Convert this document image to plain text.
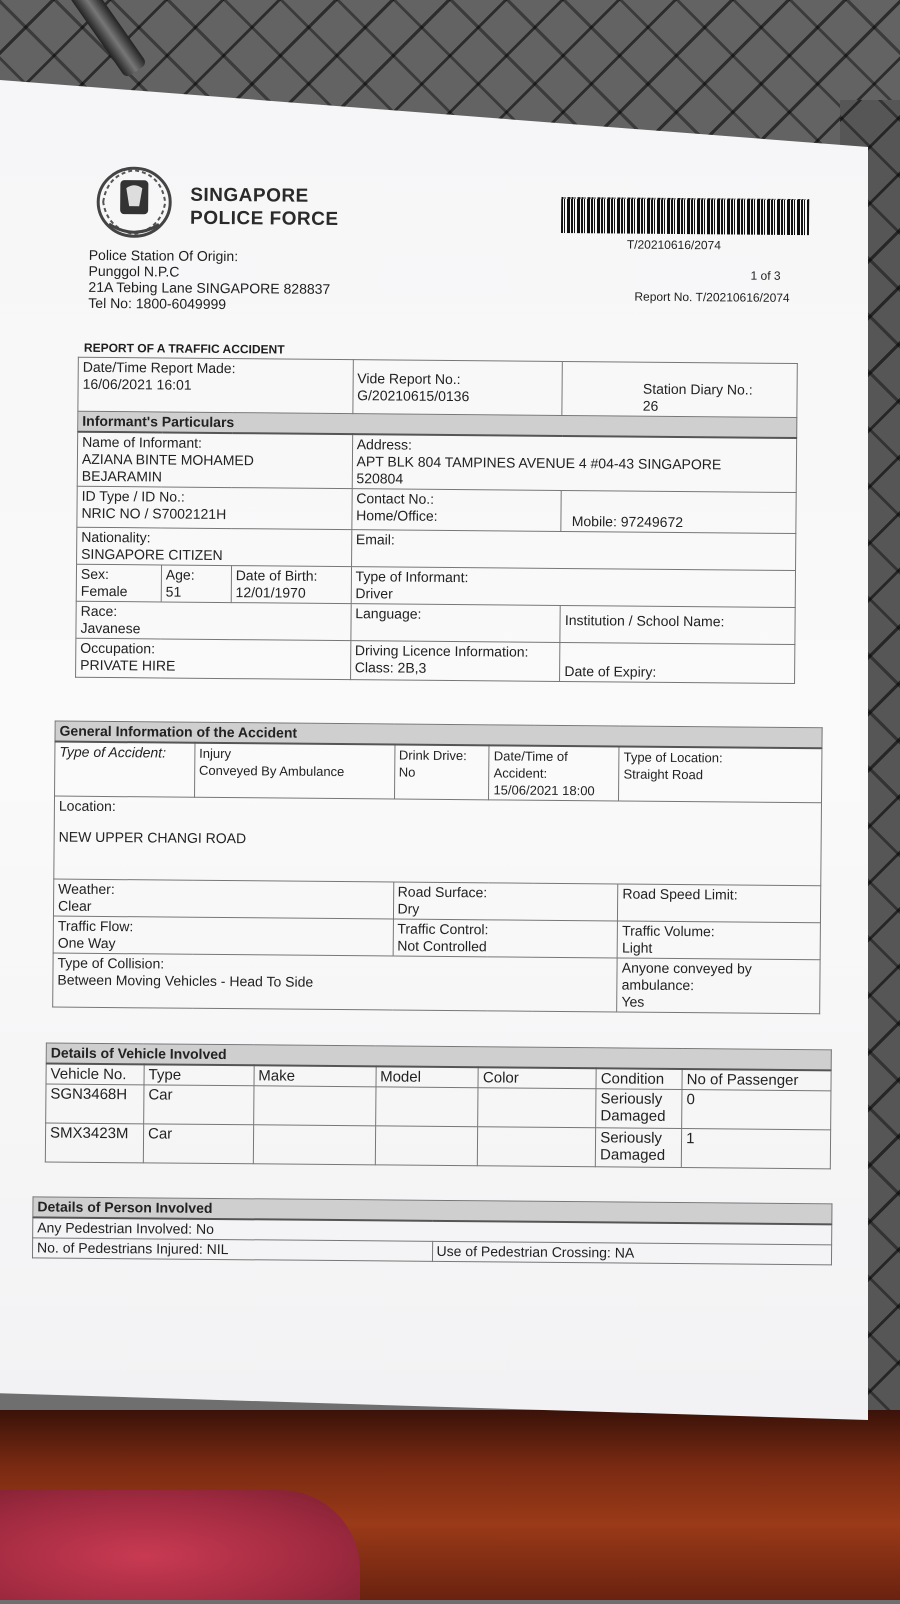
SINGAPORE
POLICE FORCE
T/20210616/2074
Police Station Of Origin:
Punggol N.P.C
21A Tebing Lane SINGAPORE 828837
Tel No: 1800-6049999
1 of 3
Report No. T/20210616/2074
REPORT OF A TRAFFIC ACCIDENT
Date/Time Report Made:
16/06/2021 16:01			Vide Report No.:
G/20210615/0136	Station Diary No.:
26

Informant's Particulars				

Name of Informant:
AZIANA BINTE MOHAMED
BEJARAMIN			Address:
APT BLK 804 TAMPINES AVENUE 4 #04-43 SINGAPORE
520804	

ID Type / ID No.:
NRIC NO / S7002121H			Contact No.:
Home/Office:	Mobile: 97249672

Nationality:
SINGAPORE CITIZEN			Email:	

Sex:
Female	Age:
51	Date of Birth:
12/01/1970	Type of Informant:
Driver	

Race:
Javanese			Language:	Institution / School Name:

Occupation:
PRIVATE HIRE			Driving Licence Information:
Class: 2B,3	Date of Expiry:
General Information of the Accident				

Type of Accident:	Injury
Conveyed By Ambulance	Drink Drive:
No	Date/Time of Accident:
15/06/2021 18:00	Type of Location:
Straight Road

Location:
NEW UPPER CHANGI ROAD				

Weather:
Clear		Road Surface:
Dry		Road Speed Limit:

Traffic Flow:
One Way		Traffic Control:
Not Controlled		Traffic Volume:
Light

Type of Collision:
Between Moving Vehicles - Head To Side				Anyone conveyed by ambulance:
Yes
Details of Vehicle Involved						
Vehicle No.	Type	Make	Model	Color	Condition	No of Passenger
SGN3468H	Car				Seriously Damaged	0
SMX3423M	Car				Seriously Damaged	1
Details of Person Involved
Any Pedestrian Involved: No
No. of Pedestrians Injured: NIL	Use of Pedestrian Crossing: NA
